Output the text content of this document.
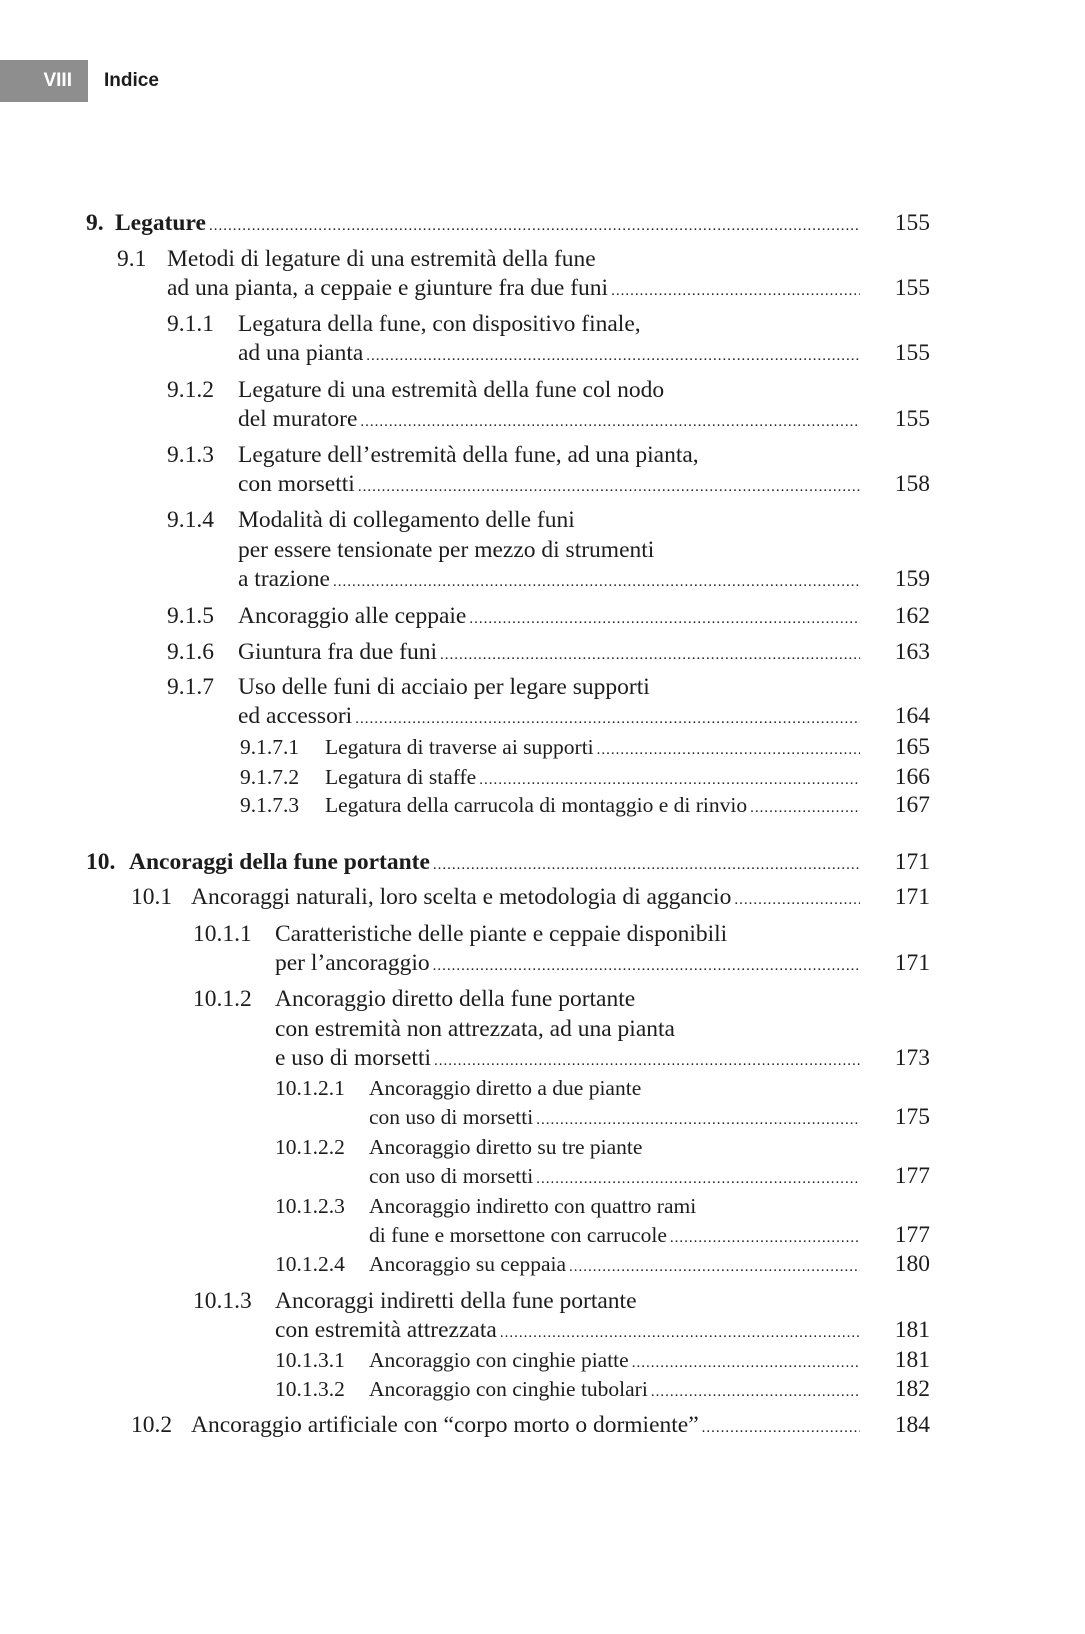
VIII Indice
155
9. Legature
.....
9.1 Metodi di legature di una estremità della fune
155
ad una pianta, a ceppaie e giunture fra due funi
.....
9.1.1 Legatura della fune, con dispositivo finale,
155
ad una pianta
.....
9.1.2 Legature di una estremità della fune col nodo
155
del muratore
.....
9.1.3 Legature dell’estremità della fune, ad una pianta,
158
con morsetti
.....
9.1.4 Modalità di collegamento delle funi
per essere tensionate per mezzo di strumenti
159
a trazione
.....
162
9.1.5 Ancoraggio alle ceppaie
.....
163
9.1.6 Giuntura fra due funi
.....
9.1.7 Uso delle funi di acciaio per legare supporti
164
ed accessori
.....
165
9.1.7.1 Legatura di traverse ai supporti
.....
166
9.1.7.2 Legatura di staffe
.....
167
9.1.7.3 Legatura della carrucola di montaggio e di rinvio
.....
171
10. Ancoraggi della fune portante
.....
171
10.1 Ancoraggi naturali, loro scelta e metodologia di aggancio
.....
10.1.1 Caratteristiche delle piante e ceppaie disponibili
171
per l’ancoraggio
.....
10.1.2 Ancoraggio diretto della fune portante
con estremità non attrezzata, ad una pianta
173
e uso di morsetti
.....
10.1.2.1 Ancoraggio diretto a due piante
175
con uso di morsetti
.....
10.1.2.2 Ancoraggio diretto su tre piante
177
con uso di morsetti
.....
10.1.2.3 Ancoraggio indiretto con quattro rami
177
di fune e morsettone con carrucole
.....
180
10.1.2.4 Ancoraggio su ceppaia
.....
10.1.3 Ancoraggi indiretti della fune portante
181
con estremità attrezzata
.....
181
10.1.3.1 Ancoraggio con cinghie piatte
.....
182
10.1.3.2 Ancoraggio con cinghie tubolari
.....
184
10.2 Ancoraggio artificiale con “corpo morto o dormiente”
.....
